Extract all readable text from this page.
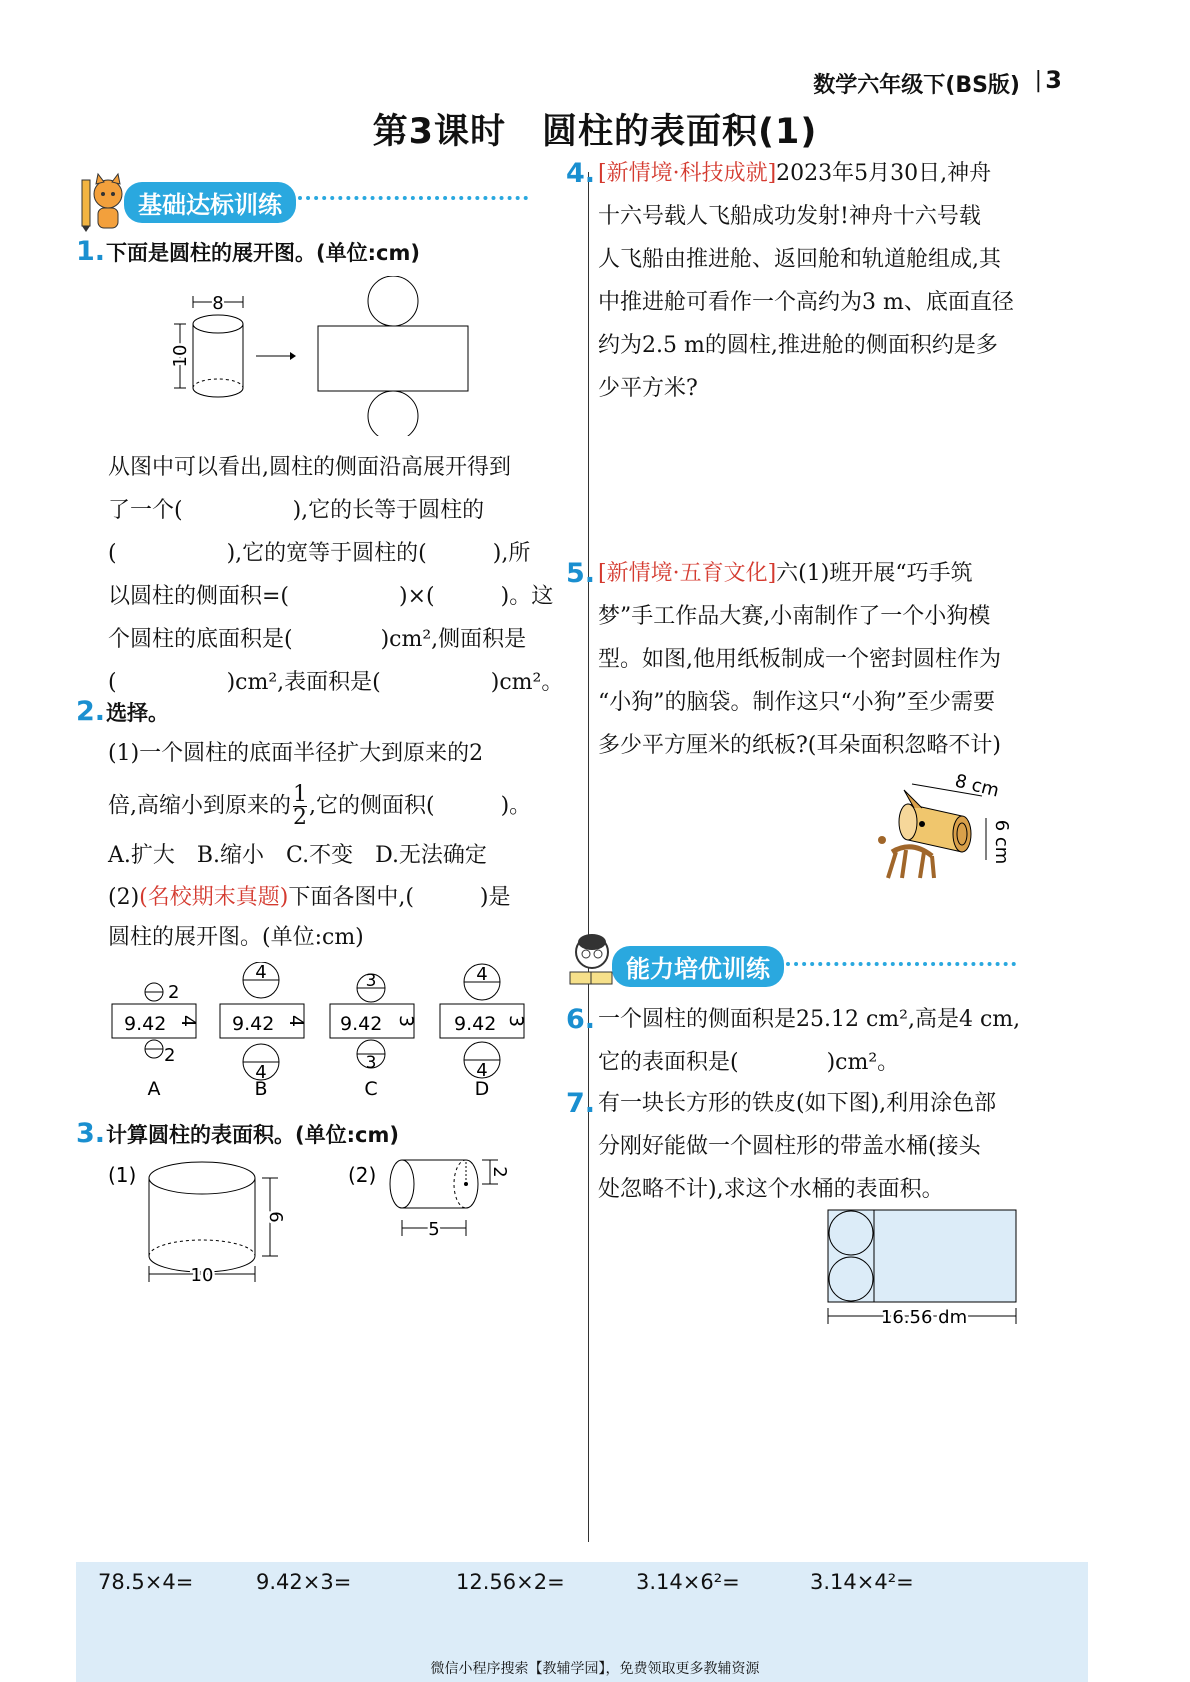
数学六年级下(BS版) | 3
第3课时　圆柱的表面积(1)
基础达标训练
1. 下面是圆柱的展开图。(单位:cm)
8
10
从图中可以看出,圆柱的侧面沿高展开得到
了一个(　　　　　),它的长等于圆柱的
(　　　　　),它的宽等于圆柱的(　　　),所
以圆柱的侧面积=(　　　　　)×(　　　)。这
个圆柱的底面积是(　　　　)cm²,侧面积是
(　　　　　)cm²,表面积是(　　　　　)cm²。
2. 选择。
(1)一个圆柱的底面半径扩大到原来的2
倍,高缩小到原来的 $\frac{1}{2}$ ,它的侧面积(　　　)。
A.扩大　B.缩小　C.不变　D.无法确定
(2)(名校期末真题)下面各图中,(　　　)是
圆柱的展开图。(单位:cm)
2
9.42 4
2
A
4
9.42 4
4
B
3
9.42 3
3
C
4
9.42 3
4
D
3. 计算圆柱的表面积。(单位:cm)
(1)
6
10
(2)	2
5
4. [新情境·科技成就]2023年5月30日,神舟
十六号载人飞船成功发射!神舟十六号载
人飞船由推进舱、返回舱和轨道舱组成,其
中推进舱可看作一个高约为3 m、底面直径
约为2.5 m的圆柱,推进舱的侧面积约是多
少平方米?
5. [新情境·五育文化]六(1)班开展“巧手筑
梦”手工作品大赛,小南制作了一个小狗模
型。如图,他用纸板制成一个密封圆柱作为
“小狗”的脑袋。制作这只“小狗”至少需要
多少平方厘米的纸板?(耳朵面积忽略不计)
8 cm
6 cm
能力培优训练
6. 一个圆柱的侧面积是25.12 cm²,高是4 cm,
它的表面积是(　　　　)cm²。
7. 有一块长方形的铁皮(如下图),利用涂色部
分刚好能做一个圆柱形的带盖水桶(接头
处忽略不计),求这个水桶的表面积。
16.56 dm
78.5×4=	9.42×3=	12.56×2=	3.14×6²=	3.14×4²=
微信小程序搜索【教辅学园】，免费领取更多教辅资源
